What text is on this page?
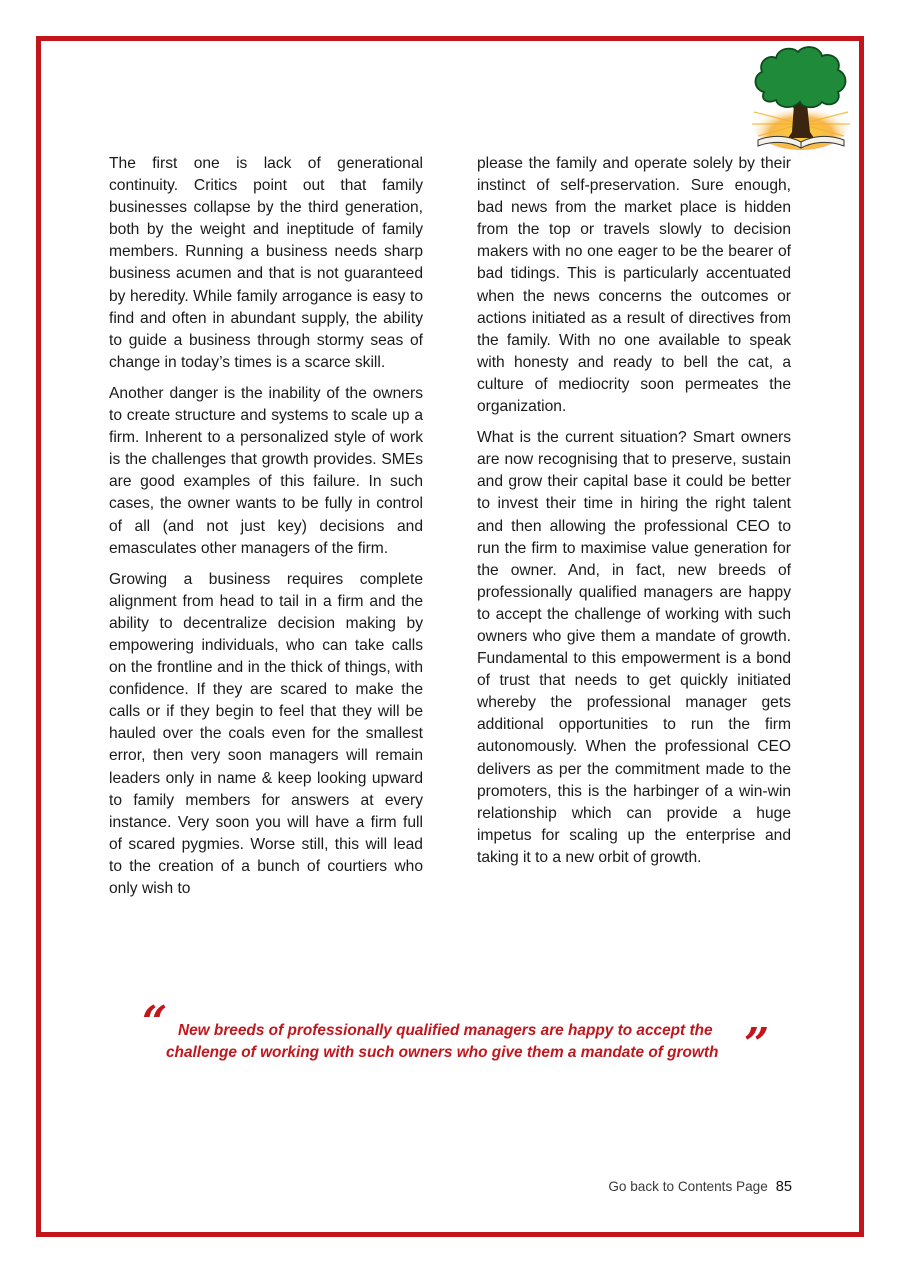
The first one is lack of generational continuity. Critics point out that family businesses collapse by the third generation, both by the weight and ineptitude of family members. Running a business needs sharp business acumen and that is not guaranteed by heredity. While family arrogance is easy to find and often in abundant supply, the ability to guide a business through stormy seas of change in today’s times is a scarce skill.

Another danger is the inability of the owners to create structure and systems to scale up a firm. Inherent to a personalized style of work is the challenges that growth provides. SMEs are good examples of this failure. In such cases, the owner wants to be fully in control of all (and not just key) decisions and emasculates other managers of the firm.

Growing a business requires complete alignment from head to tail in a firm and the ability to decentralize decision making by empowering individuals, who can take calls on the frontline and in the thick of things, with confidence. If they are scared to make the calls or if they begin to feel that they will be hauled over the coals even for the smallest error, then very soon managers will remain leaders only in name & keep looking upward to family members for answers at every instance. Very soon you will have a firm full of scared pygmies. Worse still, this will lead to the creation of a bunch of courtiers who only wish to

please the family and operate solely by their instinct of self-preservation. Sure enough, bad news from the market place is hidden from the top or travels slowly to decision makers with no one eager to be the bearer of bad tidings. This is particularly accentuated when the news concerns the outcomes or actions initiated as a result of directives from the family. With no one available to speak with honesty and ready to bell the cat, a culture of mediocrity soon permeates the organization.

What is the current situation? Smart owners are now recognising that to preserve, sustain and grow their capital base it could be better to invest their time in hiring the right talent and then allowing the professional CEO to run the firm to maximise value generation for the owner. And, in fact, new breeds of professionally qualified managers are happy to accept the challenge of working with such owners who give them a mandate of growth. Fundamental to this empowerment is a bond of trust that needs to get quickly initiated whereby the professional manager gets additional opportunities to run the firm autonomously. When the professional CEO delivers as per the commitment made to the promoters, this is the harbinger of a win-win relationship which can provide a huge impetus for scaling up the enterprise and taking it to a new orbit of growth.

“ New breeds of professionally qualified managers are happy to accept the
challenge of working with such owners who give them a mandate of growth ”
Go back to Contents Page 85
